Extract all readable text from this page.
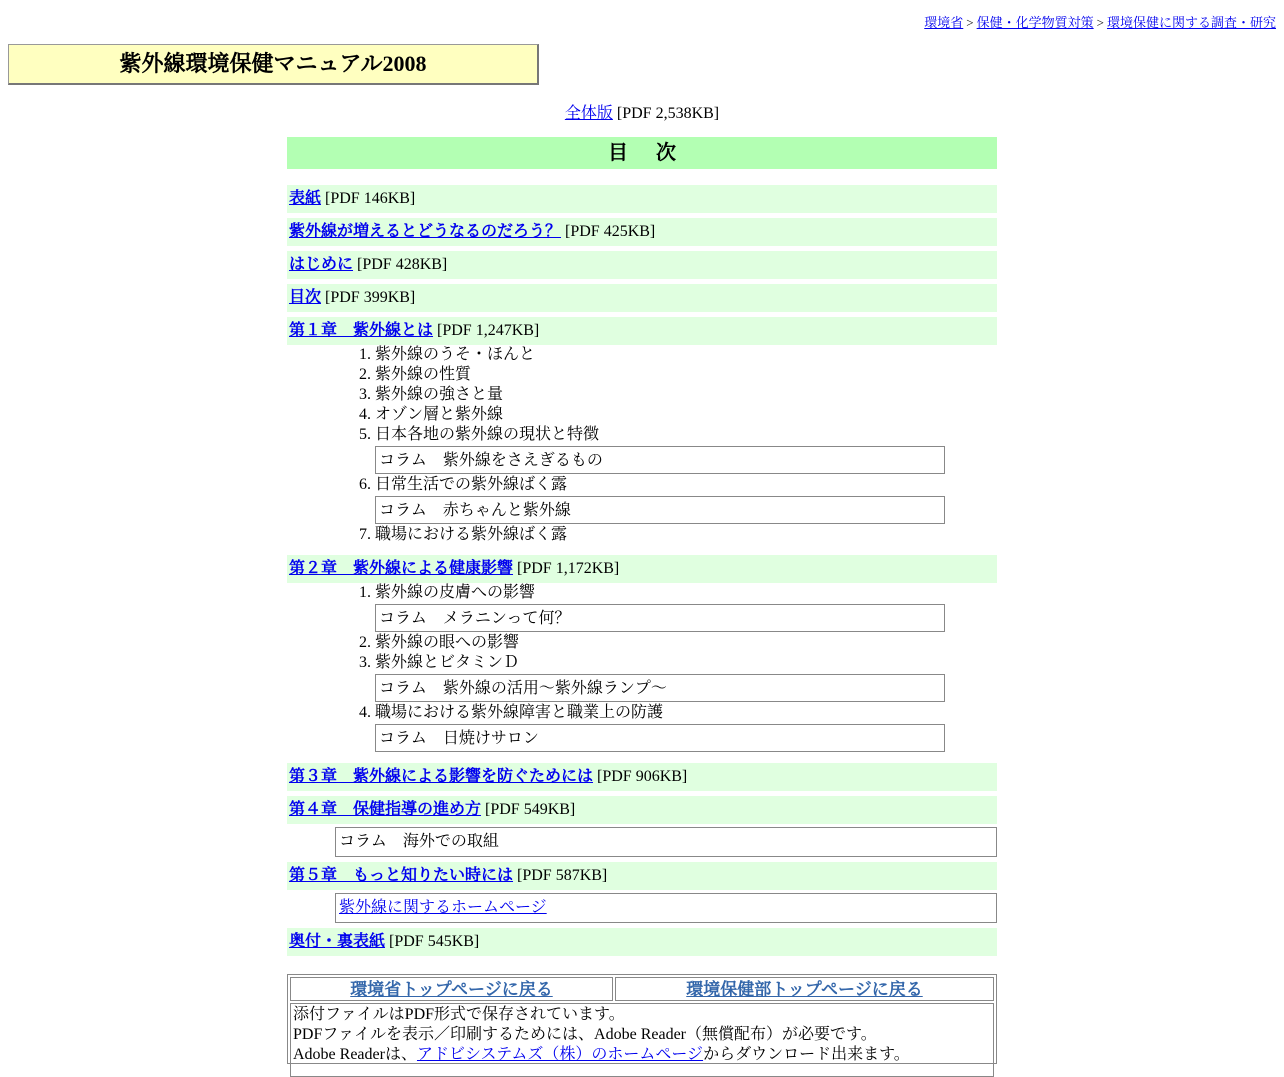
環境省 > 保健・化学物質対策 > 環境保健に関する調査・研究
紫外線環境保健マニュアル2008
全体版 [PDF 2,538KB]
目 次
表紙 [PDF 146KB]
紫外線が増えるとどうなるのだろう？ [PDF 425KB]
はじめに [PDF 428KB]
目次 [PDF 399KB]
第１章　紫外線とは [PDF 1,247KB]
1. 紫外線のうそ・ほんと
2. 紫外線の性質
3. 紫外線の強さと量
4. オゾン層と紫外線
5. 日本各地の紫外線の現状と特徴
コラム　紫外線をさえぎるもの
6. 日常生活での紫外線ばく露
コラム　赤ちゃんと紫外線
7. 職場における紫外線ばく露
第２章　紫外線による健康影響 [PDF 1,172KB]
1. 紫外線の皮膚への影響
コラム　メラニンって何？
2. 紫外線の眼への影響
3. 紫外線とビタミンＤ
コラム　紫外線の活用～紫外線ランプ～
4. 職場における紫外線障害と職業上の防護
コラム　日焼けサロン
第３章　紫外線による影響を防ぐためには [PDF 906KB]
第４章　保健指導の進め方 [PDF 549KB]
コラム　海外での取組
第５章　もっと知りたい時には [PDF 587KB]
紫外線に関するホームページ
奥付・裏表紙 [PDF 545KB]
環境省トップページに戻る	環境保健部トップページに戻る
添付ファイルはPDF形式で保存されています。
PDFファイルを表示／印刷するためには、Adobe Reader（無償配布）が必要です。
Adobe Readerは、アドビシステムズ（株）のホームページからダウンロード出来ます。
